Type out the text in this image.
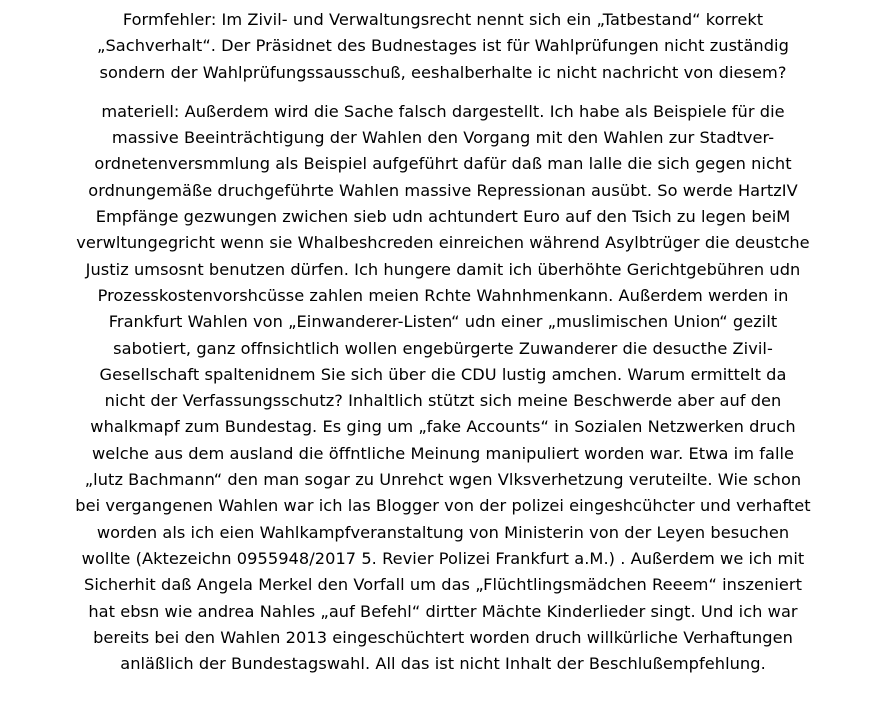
Formfehler: Im Zivil- und Verwaltungsrecht nennt sich ein „Tatbestand“ korrekt
„Sachverhalt“. Der Präsidnet des Budnestages ist für Wahlprüfungen nicht zuständig
sondern der Wahlprüfungssausschuß, eeshalberhalte ic nicht nachricht von diesem?
materiell: Außerdem wird die Sache falsch dargestellt. Ich habe als Beispiele für die
massive Beeinträchtigung der Wahlen den Vorgang mit den Wahlen zur Stadtver-
ordnetenversmmlung als Beispiel aufgeführt dafür daß man lalle die sich gegen nicht
ordnungemäße druchgeführte Wahlen massive Repressionan ausübt. So werde HartzIV
Empfänge gezwungen zwichen sieb udn achtundert Euro auf den Tsich zu legen beiM
verwltungegricht wenn sie Whalbeshcreden einreichen während Asylbtrüger die deustche
Justiz umsosnt benutzen dürfen. Ich hungere damit ich überhöhte Gerichtgebühren udn
Prozesskostenvorshcüsse zahlen meien Rchte Wahnhmenkann. Außerdem werden in
Frankfurt Wahlen von „Einwanderer-Listen“ udn einer „muslimischen Union“ gezilt
sabotiert, ganz offnsichtlich wollen engebürgerte Zuwanderer die desucthe Zivil-
Gesellschaft spaltenidnem Sie sich über die CDU lustig amchen. Warum ermittelt da
nicht der Verfassungsschutz? Inhaltlich stützt sich meine Beschwerde aber auf den
whalkmapf zum Bundestag. Es ging um „fake Accounts“ in Sozialen Netzwerken druch
welche aus dem ausland die öffntliche Meinung manipuliert worden war. Etwa im falle
„lutz Bachmann“ den man sogar zu Unrehct wgen Vlksverhetzung veruteilte. Wie schon
bei vergangenen Wahlen war ich las Blogger von der polizei eingeshcühcter und verhaftet
worden als ich eien Wahlkampfveranstaltung von Ministerin von der Leyen besuchen
wollte (Aktezeichn 0955948/2017 5. Revier Polizei Frankfurt a.M.) . Außerdem we ich mit
Sicherhit daß Angela Merkel den Vorfall um das „Flüchtlingsmädchen Reeem“ inszeniert
hat ebsn wie andrea Nahles „auf Befehl“ dirtter Mächte Kinderlieder singt. Und ich war
bereits bei den Wahlen 2013 eingeschüchtert worden druch willkürliche Verhaftungen
anläßlich der Bundestagswahl. All das ist nicht Inhalt der Beschlußempfehlung.
